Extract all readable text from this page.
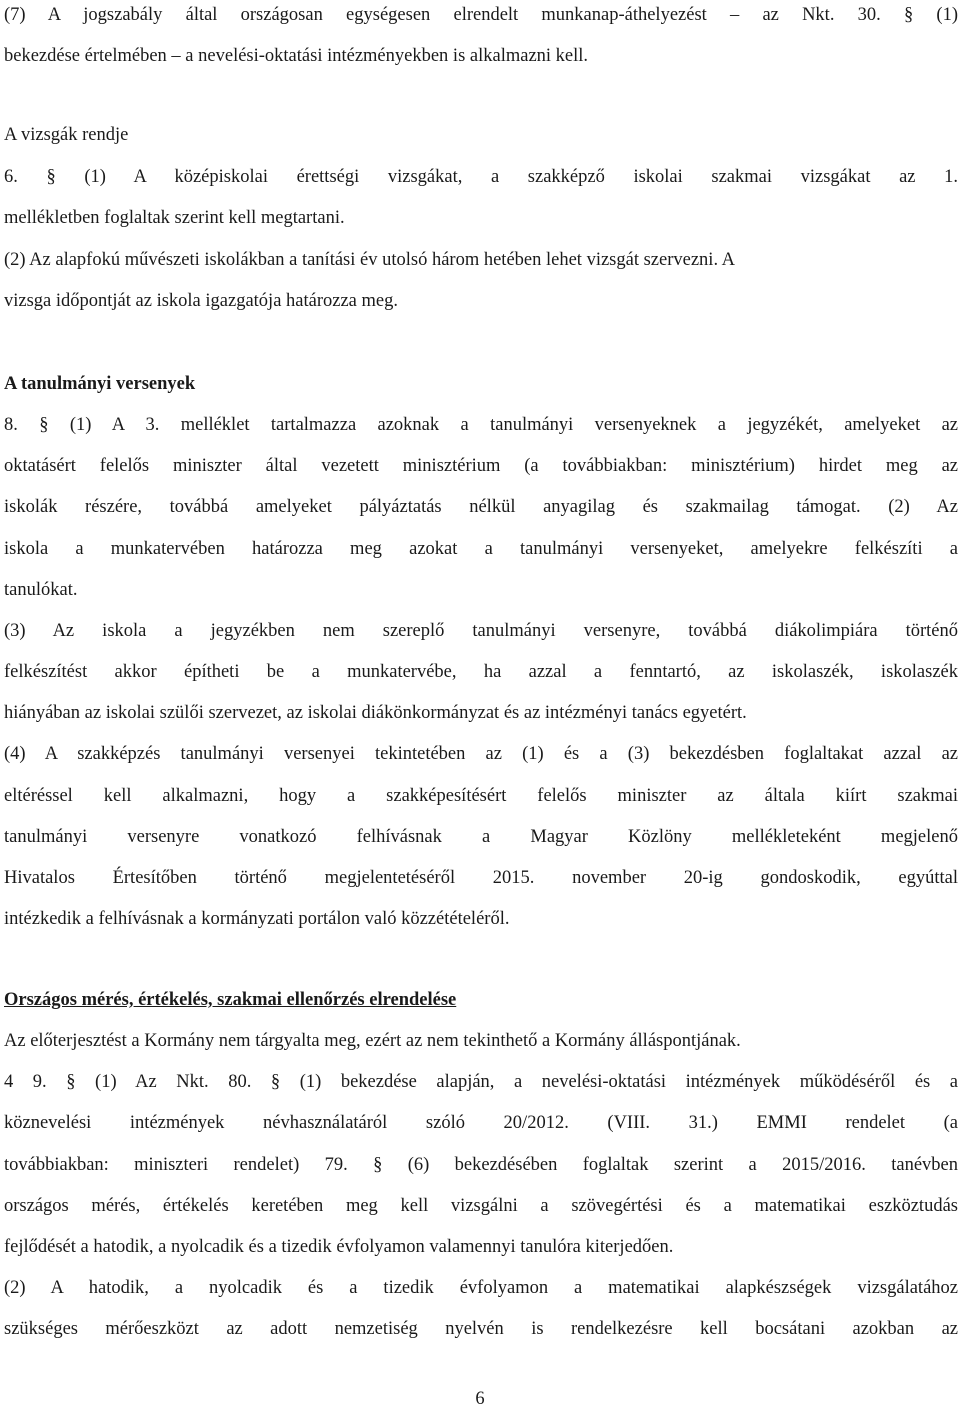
(7) A jogszabály által országosan egységesen elrendelt munkanap-áthelyezést – az Nkt. 30. § (1)
bekezdése értelmében – a nevelési-oktatási intézményekben is alkalmazni kell.
A vizsgák rendje
6. § (1) A középiskolai érettségi vizsgákat, a szakképző iskolai szakmai vizsgákat az 1.
mellékletben foglaltak szerint kell megtartani.
(2) Az alapfokú művészeti iskolákban a tanítási év utolsó három hetében lehet vizsgát szervezni. A
vizsga időpontját az iskola igazgatója határozza meg.
A tanulmányi versenyek
8. § (1) A 3. melléklet tartalmazza azoknak a tanulmányi versenyeknek a jegyzékét, amelyeket az
oktatásért felelős miniszter által vezetett minisztérium (a továbbiakban: minisztérium) hirdet meg az
iskolák részére, továbbá amelyeket pályáztatás nélkül anyagilag és szakmailag támogat. (2) Az
iskola a munkatervében határozza meg azokat a tanulmányi versenyeket, amelyekre felkészíti a
tanulókat.
(3) Az iskola a jegyzékben nem szereplő tanulmányi versenyre, továbbá diákolimpiára történő
felkészítést akkor építheti be a munkatervébe, ha azzal a fenntartó, az iskolaszék, iskolaszék
hiányában az iskolai szülői szervezet, az iskolai diákönkormányzat és az intézményi tanács egyetért.
(4) A szakképzés tanulmányi versenyei tekintetében az (1) és a (3) bekezdésben foglaltakat azzal az
eltéréssel kell alkalmazni, hogy a szakképesítésért felelős miniszter az általa kiírt szakmai
tanulmányi versenyre vonatkozó felhívásnak a Magyar Közlöny mellékleteként megjelenő
Hivatalos Értesítőben történő megjelentetéséről 2015. november 20-ig gondoskodik, egyúttal
intézkedik a felhívásnak a kormányzati portálon való közzétételéről.
Országos mérés, értékelés, szakmai ellenőrzés elrendelése
Az előterjesztést a Kormány nem tárgyalta meg, ezért az nem tekinthető a Kormány álláspontjának.
4 9. § (1) Az Nkt. 80. § (1) bekezdése alapján, a nevelési-oktatási intézmények működéséről és a
köznevelési intézmények névhasználatáról szóló 20/2012. (VIII. 31.) EMMI rendelet (a
továbbiakban: miniszteri rendelet) 79. § (6) bekezdésében foglaltak szerint a 2015/2016. tanévben
országos mérés, értékelés keretében meg kell vizsgálni a szövegértési és a matematikai eszköztudás
fejlődését a hatodik, a nyolcadik és a tizedik évfolyamon valamennyi tanulóra kiterjedően.
(2) A hatodik, a nyolcadik és a tizedik évfolyamon a matematikai alapkészségek vizsgálatához
szükséges mérőeszközt az adott nemzetiség nyelvén is rendelkezésre kell bocsátani azokban az
6
